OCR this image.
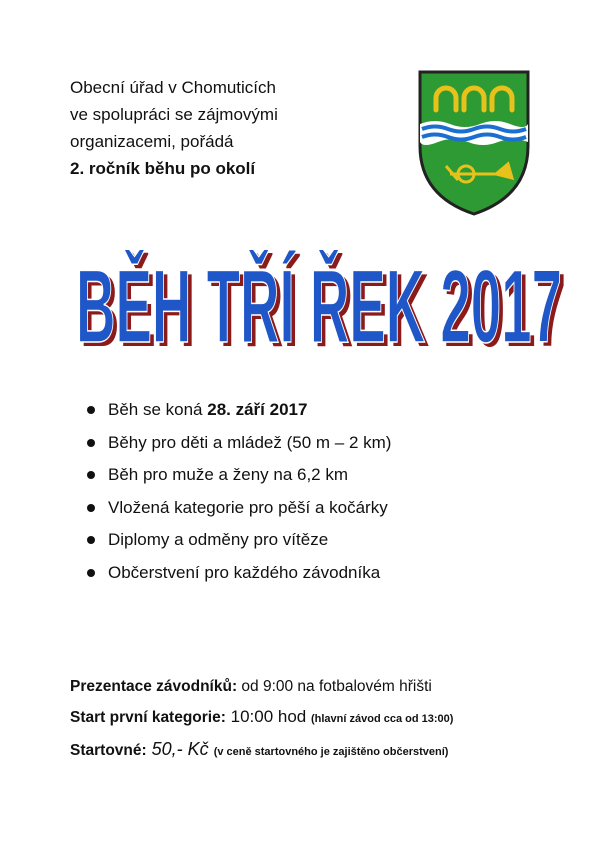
Obecní úřad v Chomuticích
ve spolupráci se zájmovými
organizacemi, pořádá
2. ročník běhu po okolí
BĚH TŘÍ ŘEK 2017
BĚH TŘÍ ŘEK 2017
Běh se koná 28. září 2017
Běhy pro děti a mládež (50 m – 2 km)
Běh pro muže a ženy na 6,2 km
Vložená kategorie pro pěší a kočárky
Diplomy a odměny pro vítěze
Občerstvení pro každého závodníka
Prezentace závodníků: od 9:00 na fotbalovém hřišti
Start první kategorie: 10:00 hod (hlavní závod cca od 13:00)
Startovné: 50,- Kč (v ceně startovného je zajištěno občerstvení)
